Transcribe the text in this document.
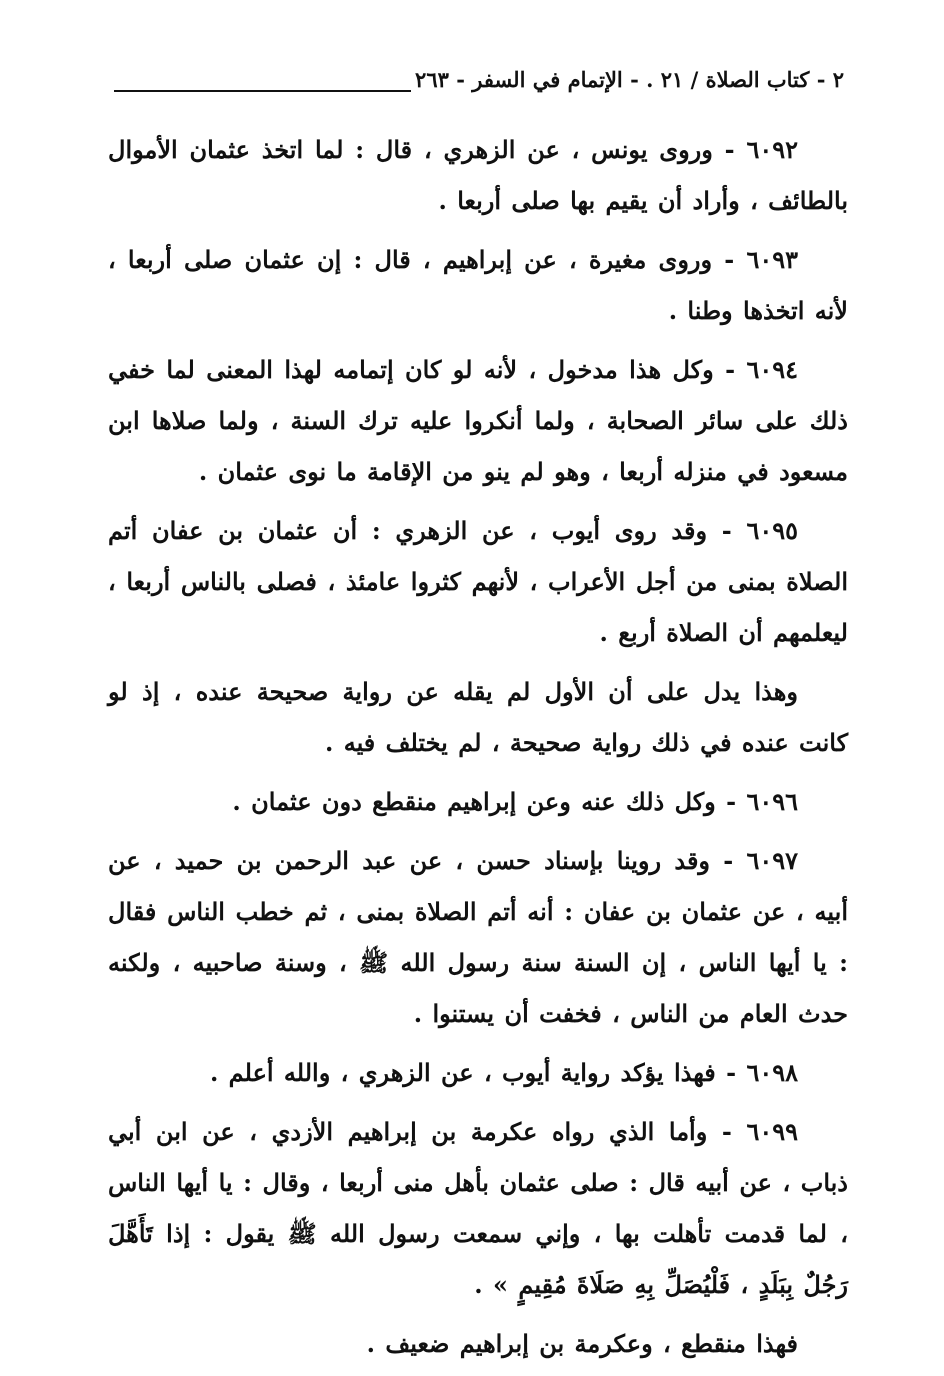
٢ - كتاب الصلاة / ٢١ . - الإتمام في السفر - ٢٦٣

٦٠٩٢ - وروى يونس ، عن الزهري ، قال : لما اتخذ عثمان الأموال بالطائف ، وأراد أن يقيم بها صلى أربعا .

٦٠٩٣ - وروى مغيرة ، عن إبراهيم ، قال : إن عثمان صلى أربعا ، لأنه اتخذها وطنا .

٦٠٩٤ - وكل هذا مدخول ، لأنه لو كان إتمامه لهذا المعنى لما خفي ذلك على سائر الصحابة ، ولما أنكروا عليه ترك السنة ، ولما صلاها ابن مسعود في منزله أربعا ، وهو لم ينو من الإقامة ما نوى عثمان .

٦٠٩٥ - وقد روى أيوب ، عن الزهري : أن عثمان بن عفان أتم الصلاة بمنى من أجل الأعراب ، لأنهم كثروا عامئذ ، فصلى بالناس أربعا ، ليعلمهم أن الصلاة أربع .

وهذا يدل على أن الأول لم يقله عن رواية صحيحة عنده ، إذ لو كانت عنده في ذلك رواية صحيحة ، لم يختلف فيه .

٦٠٩٦ - وكل ذلك عنه وعن إبراهيم منقطع دون عثمان .

٦٠٩٧ - وقد روينا بإسناد حسن ، عن عبد الرحمن بن حميد ، عن أبيه ، عن عثمان بن عفان : أنه أتم الصلاة بمنى ، ثم خطب الناس فقال : يا أيها الناس ، إن السنة سنة رسول الله ﷺ ، وسنة صاحبيه ، ولكنه حدث العام من الناس ، فخفت أن يستنوا .

٦٠٩٨ - فهذا يؤكد رواية أيوب ، عن الزهري ، والله أعلم .

٦٠٩٩ - وأما الذي رواه عكرمة بن إبراهيم الأزدي ، عن ابن أبي ذباب ، عن أبيه قال : صلى عثمان بأهل منى أربعا ، وقال : يا أيها الناس ، لما قدمت تأهلت بها ، وإني سمعت رسول الله ﷺ يقول : إذا تَأَهَّلَ رَجُلٌ بِبَلَدٍ ، فَلْيُصَلِّ بِهِ صَلَاةَ مُقِيمٍ » .

فهذا منقطع ، وعكرمة بن إبراهيم ضعيف .
